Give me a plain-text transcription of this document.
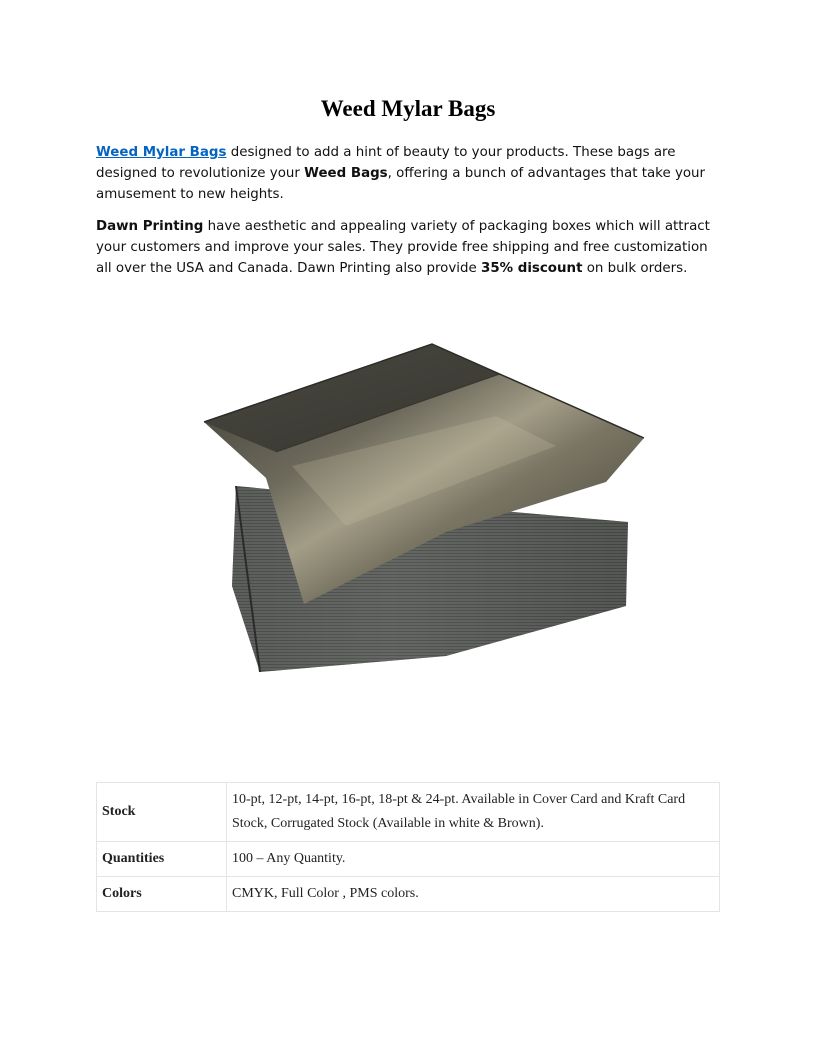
Weed Mylar Bags

Weed Mylar Bags designed to add a hint of beauty to your products. These bags are designed to revolutionize your Weed Bags, offering a bunch of advantages that take your amusement to new heights.

Dawn Printing have aesthetic and appealing variety of packaging boxes which will attract your customers and improve your sales. They provide free shipping and free customization all over the USA and Canada. Dawn Printing also provide 35% discount on bulk orders.

Stock	10-pt, 12-pt, 14-pt, 16-pt, 18-pt & 24-pt. Available in Cover Card and Kraft Card Stock, Corrugated Stock (Available in white & Brown).
Quantities	100 – Any Quantity.
Colors	CMYK, Full Color , PMS colors.
